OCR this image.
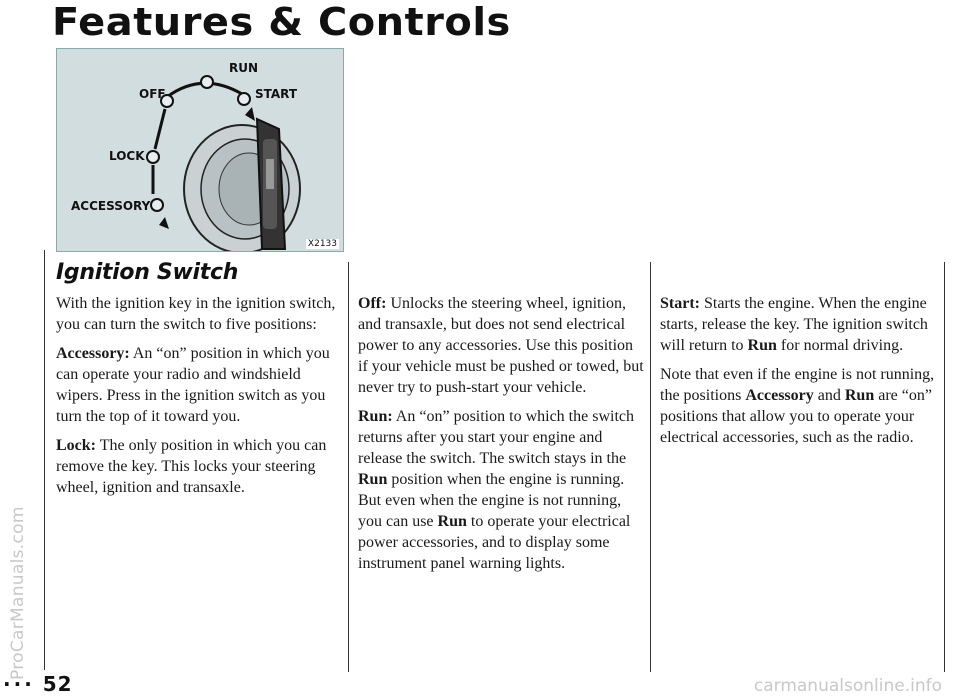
Features & Controls
ProCarManuals.com
carmanualsonline.info
RUN
OFF	START
LOCK
ACCESSORY
X2133
Ignition Switch

With the ignition key in the ignition switch, you can turn the switch to five positions:

Accessory: An “on” position in which you can operate your radio and windshield wipers. Press in the ignition switch as you turn the top of it toward you.

Lock: The only position in which you can remove the key. This locks your steering wheel, ignition and transaxle.

Off: Unlocks the steering wheel, ignition, and transaxle, but does not send electrical power to any accessories. Use this position if your vehicle must be pushed or towed, but never try to push-start your vehicle.

Run: An “on” position to which the switch returns after you start your engine and release the switch. The switch stays in the Run position when the engine is running. But even when the engine is not running, you can use Run to operate your electrical power accessories, and to display some instrument panel warning lights.

Start: Starts the engine. When the engine starts, release the key. The ignition switch will return to Run for normal driving.

Note that even if the engine is not running, the positions Accessory and Run are “on” positions that allow you to operate your electrical accessories, such as the radio.

··· 52
